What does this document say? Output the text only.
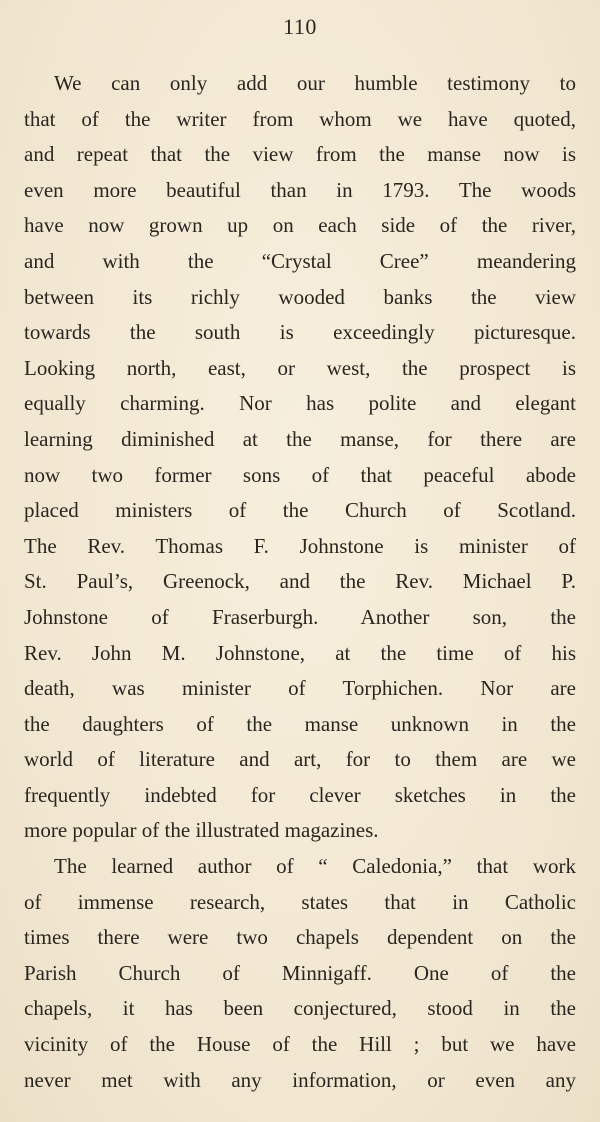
110
We can only add our humble testimony to
that of the writer from whom we have quoted,
and repeat that the view from the manse now is
even more beautiful than in 1793. The woods
have now grown up on each side of the river,
and with the “Crystal Cree” meandering
between its richly wooded banks the view
towards the south is exceedingly picturesque.
Looking north, east, or west, the prospect is
equally charming. Nor has polite and elegant
learning diminished at the manse, for there are
now two former sons of that peaceful abode
placed ministers of the Church of Scotland.
The Rev. Thomas F. Johnstone is minister of
St. Paul’s, Greenock, and the Rev. Michael P.
Johnstone of Fraserburgh. Another son, the
Rev. John M. Johnstone, at the time of his
death, was minister of Torphichen. Nor are
the daughters of the manse unknown in the
world of literature and art, for to them are we
frequently indebted for clever sketches in the
more popular of the illustrated magazines.
The learned author of “ Caledonia,” that work
of immense research, states that in Catholic
times there were two chapels dependent on the
Parish Church of Minnigaff. One of the
chapels, it has been conjectured, stood in the
vicinity of the House of the Hill ; but we have
never met with any information, or even any
